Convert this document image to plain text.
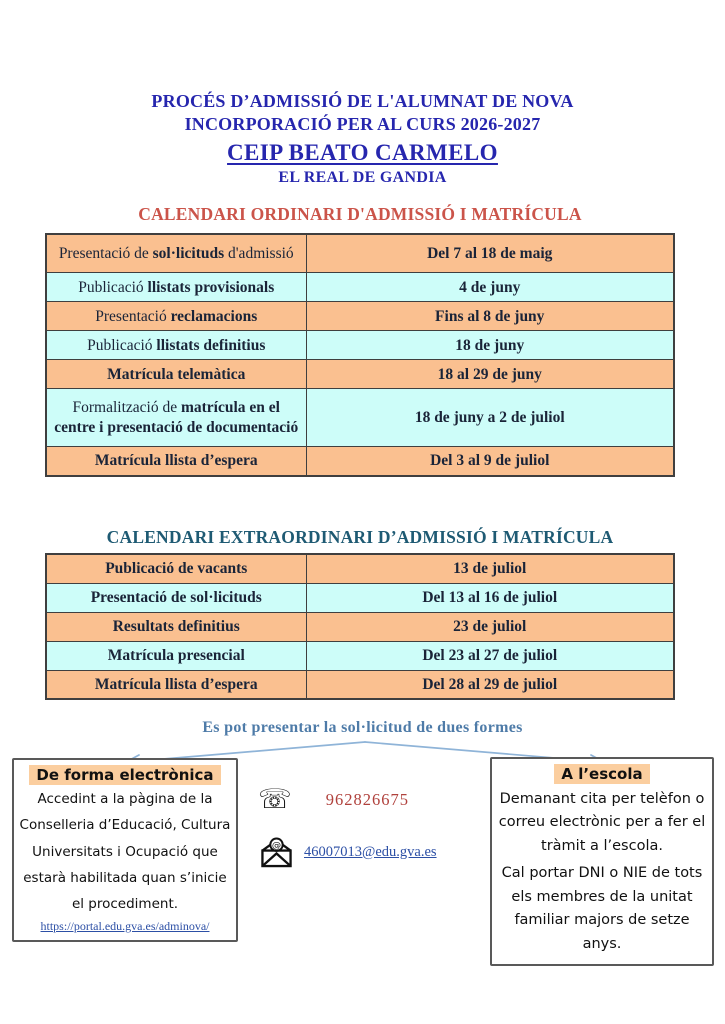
PROCÉS D’ADMISSIÓ DE L'ALUMNAT DE NOVA
INCORPORACIÓ PER AL CURS 2026-2027
CEIP BEATO CARMELO
EL REAL DE GANDIA
CALENDARI ORDINARI D'ADMISSIÓ I MATRÍCULA
Presentació de sol·licituds d'admissió	Del 7 al 18 de maig
Publicació llistats provisionals	4 de juny
Presentació reclamacions	Fins al 8 de juny
Publicació llistats definitius	18 de juny
Matrícula telemàtica	18 al 29 de juny
Formalització de matrícula en el centre i presentació de documentació	18 de juny a 2 de juliol
Matrícula llista d’espera	Del 3 al 9 de juliol
CALENDARI EXTRAORDINARI D’ADMISSIÓ I MATRÍCULA
Publicació de vacants	13 de juliol
Presentació de sol·licituds	Del 13 al 16 de juliol
Resultats definitius	23 de juliol
Matrícula presencial	Del 23 al 27 de juliol
Matrícula llista d’espera	Del 28 al 29 de juliol
Es pot presentar la sol·licitud de dues formes
De forma electrònica
Accedint a la pàgina de la Conselleria d’Educació, Cultura Universitats i Ocupació que estarà habilitada quan s’inicie el procediment.
https://portal.edu.gva.es/adminova/
☏ 962826675
@ 46007013@edu.gva.es
A l’escola
Demanant cita per telèfon o correu electrònic per a fer el tràmit a l’escola.
Cal portar DNI o NIE de tots els membres de la unitat familiar majors de setze anys.
